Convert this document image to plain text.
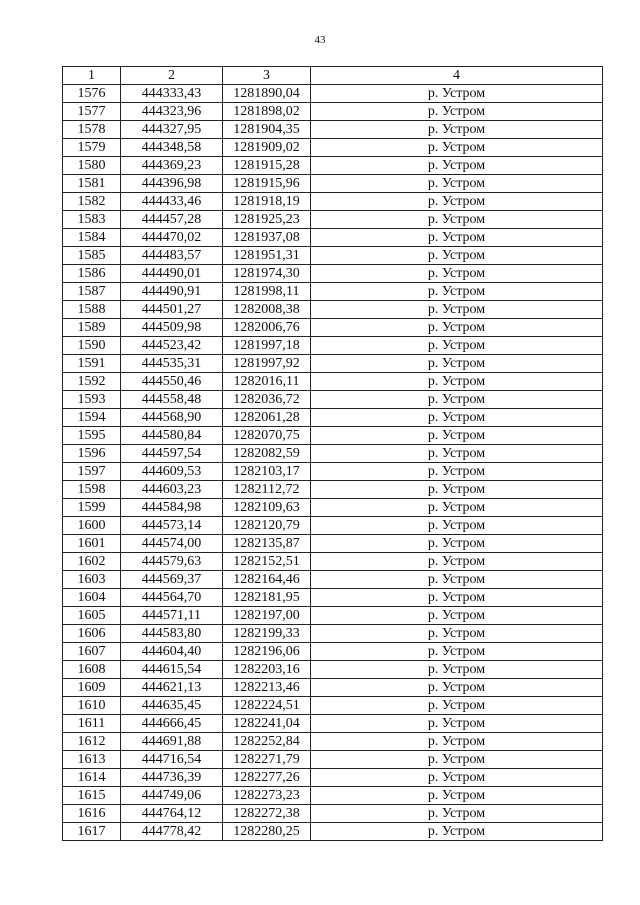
43
1	2	3	4
1576	444333,43	1281890,04	р. Устром
1577	444323,96	1281898,02	р. Устром
1578	444327,95	1281904,35	р. Устром
1579	444348,58	1281909,02	р. Устром
1580	444369,23	1281915,28	р. Устром
1581	444396,98	1281915,96	р. Устром
1582	444433,46	1281918,19	р. Устром
1583	444457,28	1281925,23	р. Устром
1584	444470,02	1281937,08	р. Устром
1585	444483,57	1281951,31	р. Устром
1586	444490,01	1281974,30	р. Устром
1587	444490,91	1281998,11	р. Устром
1588	444501,27	1282008,38	р. Устром
1589	444509,98	1282006,76	р. Устром
1590	444523,42	1281997,18	р. Устром
1591	444535,31	1281997,92	р. Устром
1592	444550,46	1282016,11	р. Устром
1593	444558,48	1282036,72	р. Устром
1594	444568,90	1282061,28	р. Устром
1595	444580,84	1282070,75	р. Устром
1596	444597,54	1282082,59	р. Устром
1597	444609,53	1282103,17	р. Устром
1598	444603,23	1282112,72	р. Устром
1599	444584,98	1282109,63	р. Устром
1600	444573,14	1282120,79	р. Устром
1601	444574,00	1282135,87	р. Устром
1602	444579,63	1282152,51	р. Устром
1603	444569,37	1282164,46	р. Устром
1604	444564,70	1282181,95	р. Устром
1605	444571,11	1282197,00	р. Устром
1606	444583,80	1282199,33	р. Устром
1607	444604,40	1282196,06	р. Устром
1608	444615,54	1282203,16	р. Устром
1609	444621,13	1282213,46	р. Устром
1610	444635,45	1282224,51	р. Устром
1611	444666,45	1282241,04	р. Устром
1612	444691,88	1282252,84	р. Устром
1613	444716,54	1282271,79	р. Устром
1614	444736,39	1282277,26	р. Устром
1615	444749,06	1282273,23	р. Устром
1616	444764,12	1282272,38	р. Устром
1617	444778,42	1282280,25	р. Устром
